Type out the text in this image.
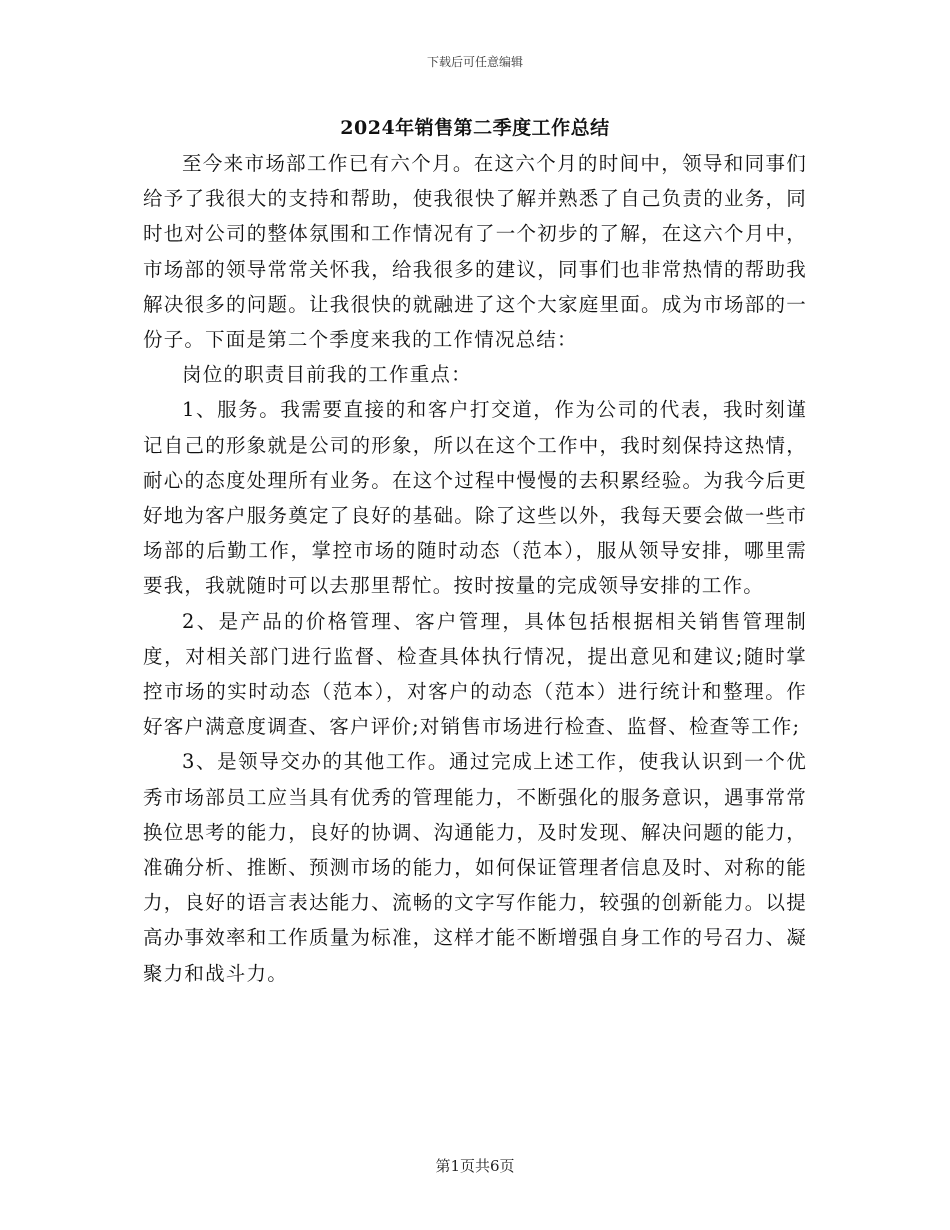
下载后可任意编辑
2024年销售第二季度工作总结

至今来市场部工作已有六个月。在这六个月的时间中，领导和同事们给予了我很大的支持和帮助，使我很快了解并熟悉了自己负责的业务，同时也对公司的整体氛围和工作情况有了一个初步的了解，在这六个月中，市场部的领导常常关怀我，给我很多的建议，同事们也非常热情的帮助我解决很多的问题。让我很快的就融进了这个大家庭里面。成为市场部的一份子。下面是第二个季度来我的工作情况总结：

岗位的职责目前我的工作重点：

1、服务。我需要直接的和客户打交道，作为公司的代表，我时刻谨记自己的形象就是公司的形象，所以在这个工作中，我时刻保持这热情，耐心的态度处理所有业务。在这个过程中慢慢的去积累经验。为我今后更好地为客户服务奠定了良好的基础。除了这些以外，我每天要会做一些市场部的后勤工作，掌控市场的随时动态（范本），服从领导安排，哪里需要我，我就随时可以去那里帮忙。按时按量的完成领导安排的工作。

2、是产品的价格管理、客户管理，具体包括根据相关销售管理制度，对相关部门进行监督、检查具体执行情况，提出意见和建议;随时掌控市场的实时动态（范本），对客户的动态（范本）进行统计和整理。作好客户满意度调查、客户评价;对销售市场进行检查、监督、检查等工作;

3、是领导交办的其他工作。通过完成上述工作，使我认识到一个优秀市场部员工应当具有优秀的管理能力，不断强化的服务意识，遇事常常换位思考的能力，良好的协调、沟通能力，及时发现、解决问题的能力，准确分析、推断、预测市场的能力，如何保证管理者信息及时、对称的能力，良好的语言表达能力、流畅的文字写作能力，较强的创新能力。以提高办事效率和工作质量为标准，这样才能不断增强自身工作的号召力、凝聚力和战斗力。

第1页共6页
